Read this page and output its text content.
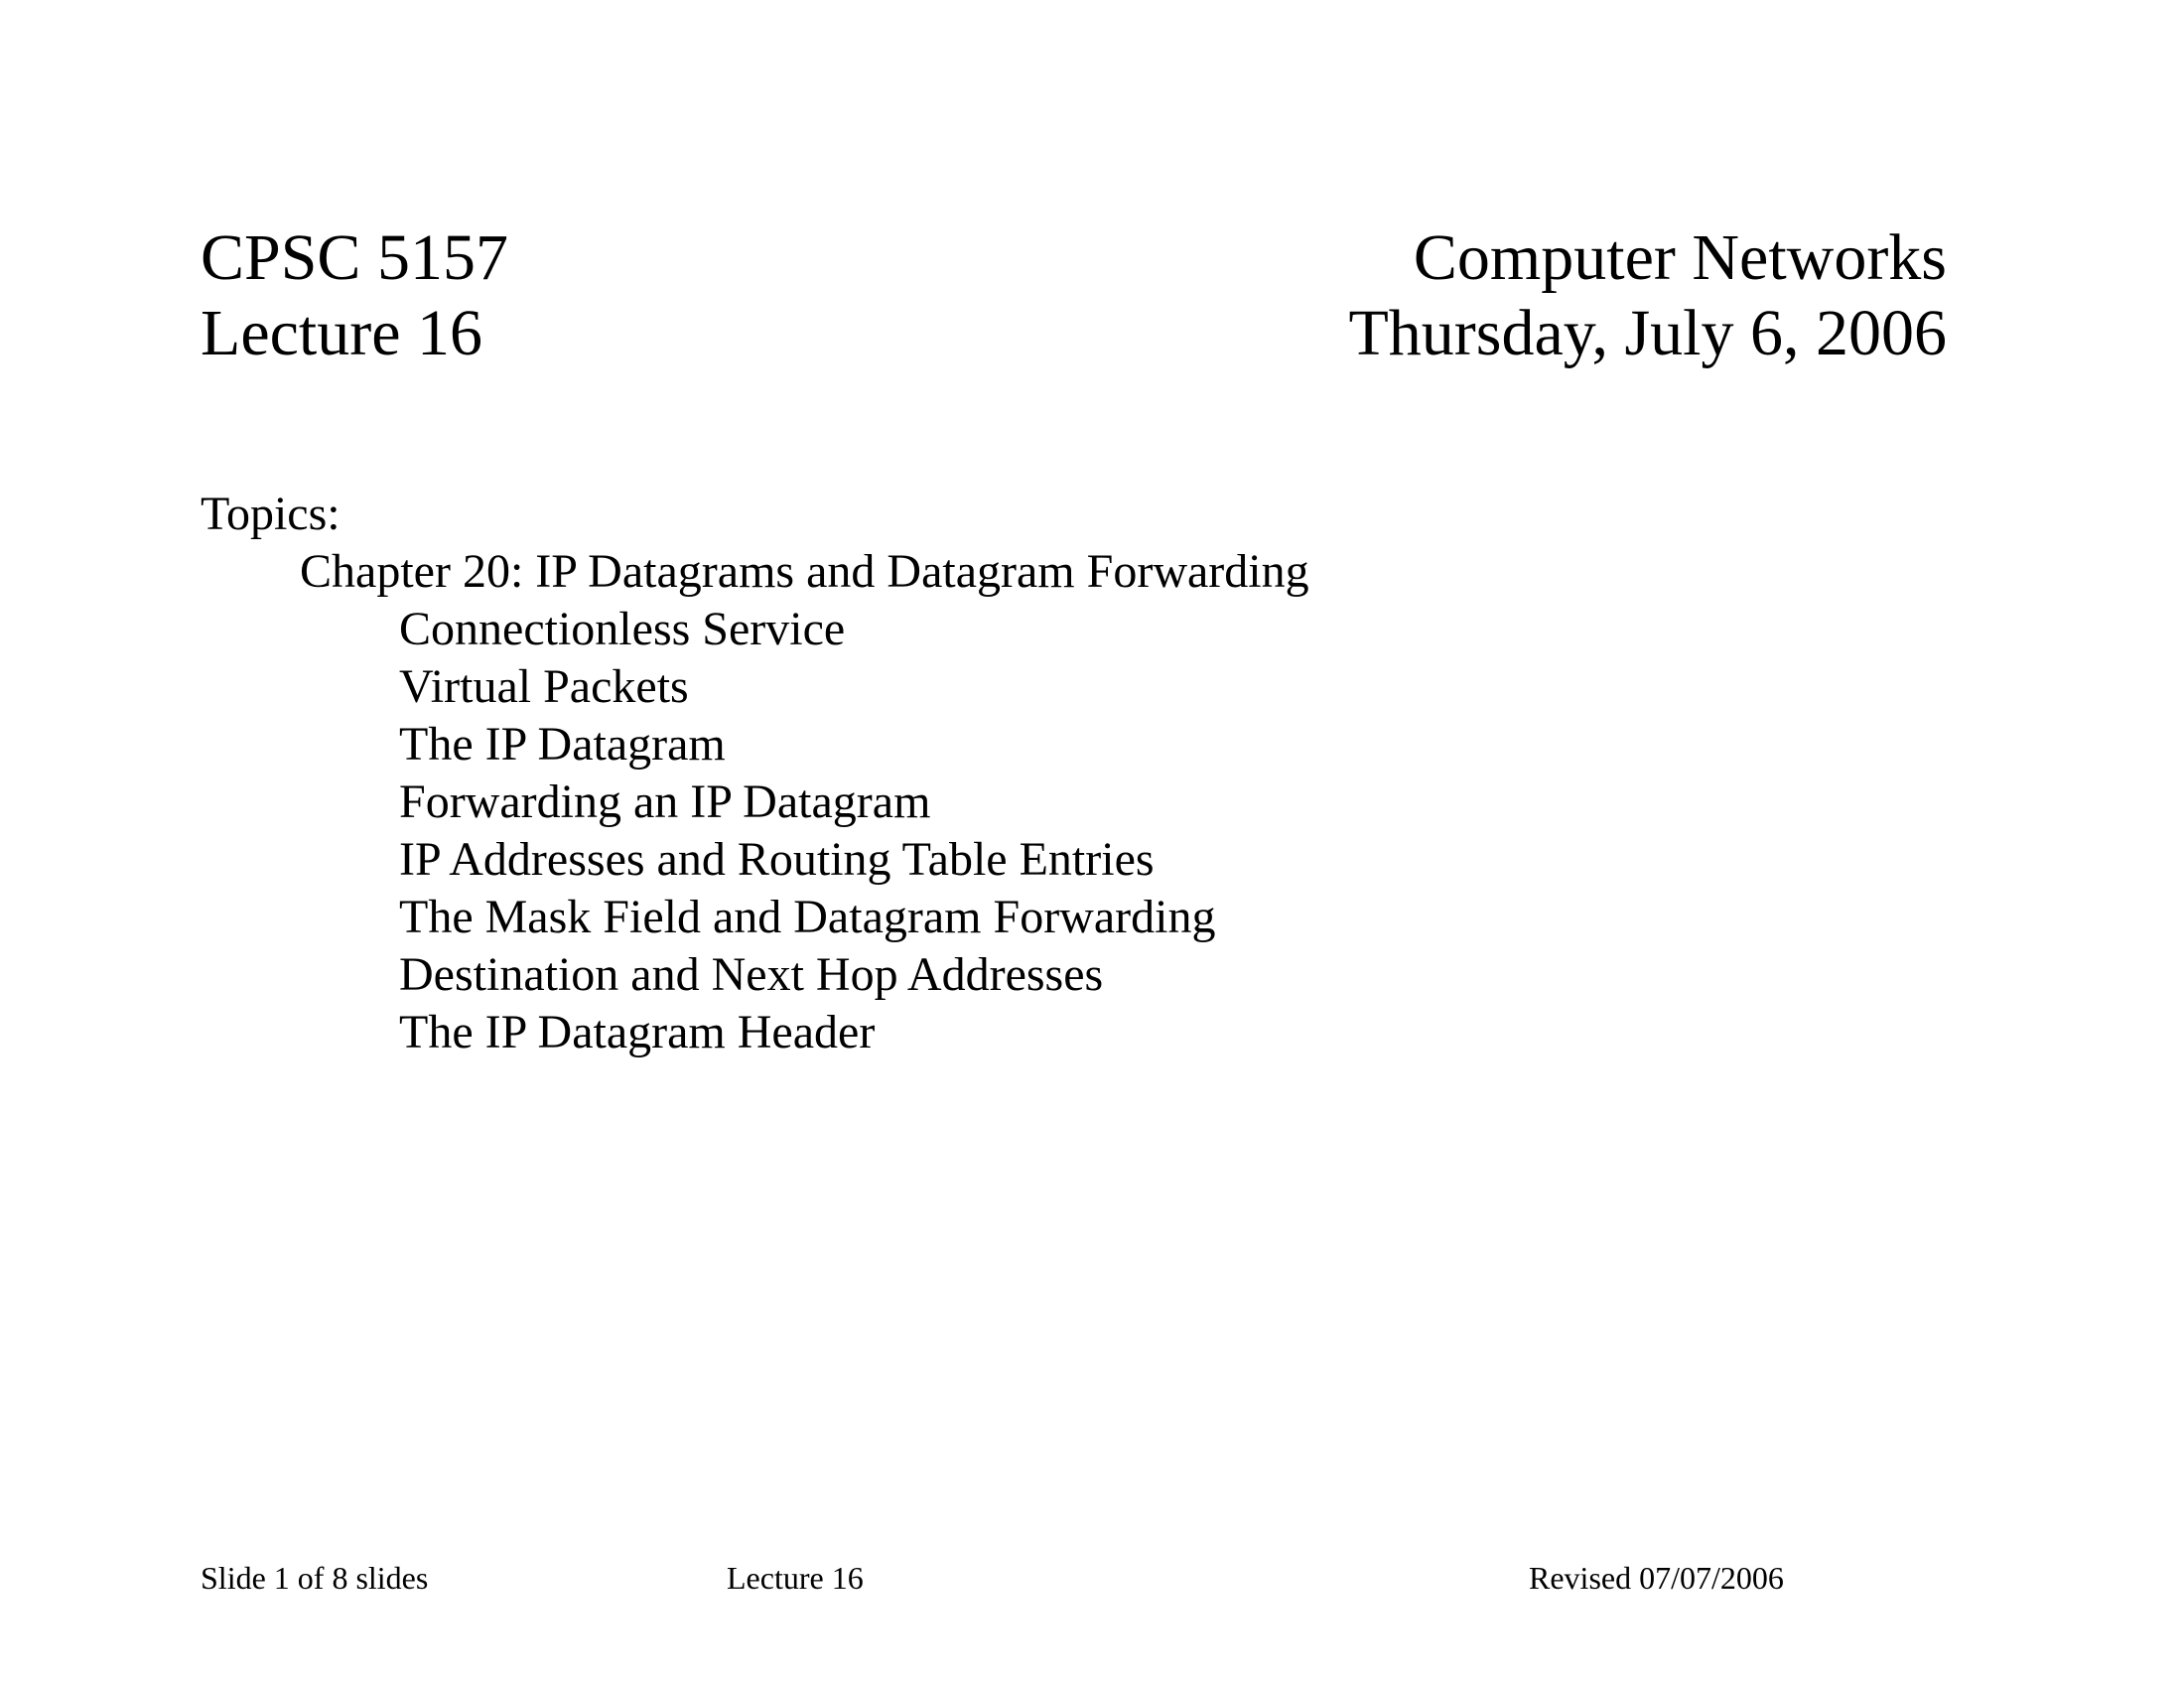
CPSC 5157
Lecture 16
Computer Networks
Thursday, July 6, 2006
Topics:
Chapter 20: IP Datagrams and Datagram Forwarding
Connectionless Service
Virtual Packets
The IP Datagram
Forwarding an IP Datagram
IP Addresses and Routing Table Entries
The Mask Field and Datagram Forwarding
Destination and Next Hop Addresses
The IP Datagram Header
Slide 1 of 8 slides	Lecture 16	Revised 07/07/2006
